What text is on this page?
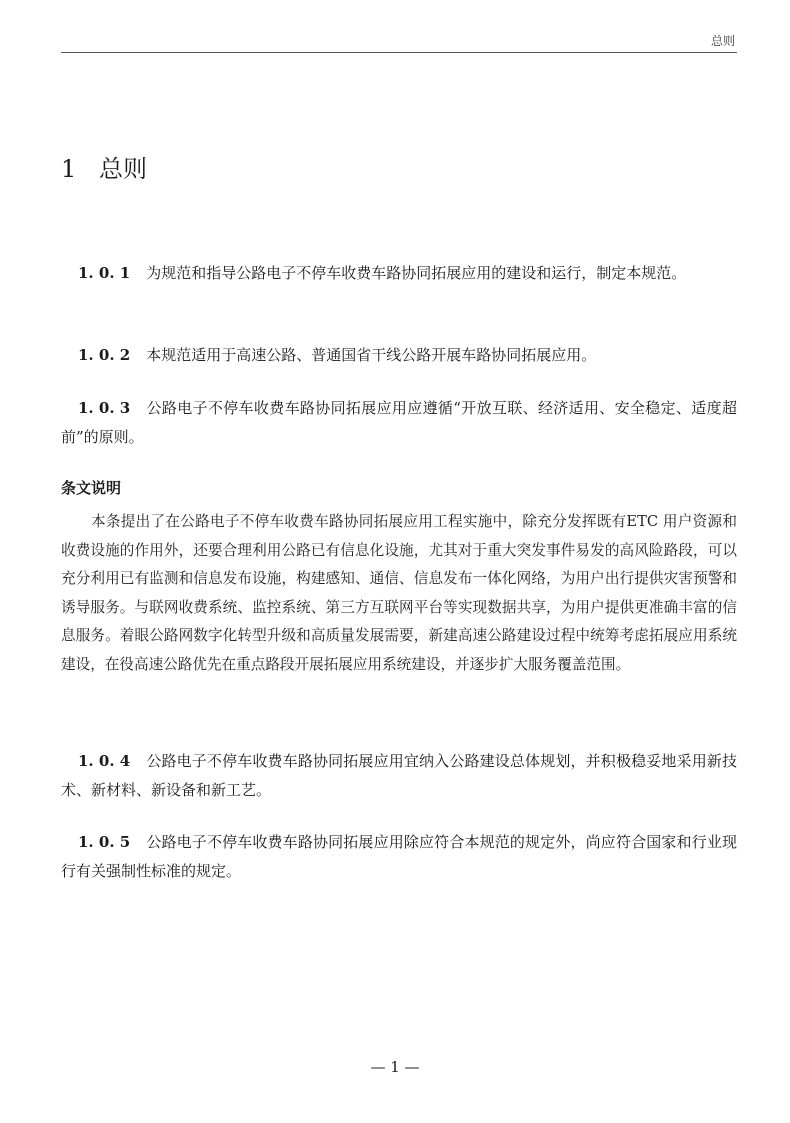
总则
1 总则

1. 0. 1 为规范和指导公路电子不停车收费车路协同拓展应用的建设和运行，制定本规范。

1. 0. 2 本规范适用于高速公路、普通国省干线公路开展车路协同拓展应用。

1. 0. 3 公路电子不停车收费车路协同拓展应用应遵循“开放互联、经济适用、安全稳定、适度超前”的原则。

条文说明

本条提出了在公路电子不停车收费车路协同拓展应用工程实施中，除充分发挥既有ETC 用户资源和收费设施的作用外，还要合理利用公路已有信息化设施，尤其对于重大突发事件易发的高风险路段，可以充分利用已有监测和信息发布设施，构建感知、通信、信息发布一体化网络，为用户出行提供灾害预警和诱导服务。与联网收费系统、监控系统、第三方互联网平台等实现数据共享，为用户提供更准确丰富的信息服务。着眼公路网数字化转型升级和高质量发展需要，新建高速公路建设过程中统筹考虑拓展应用系统建设，在役高速公路优先在重点路段开展拓展应用系统建设，并逐步扩大服务覆盖范围。

1. 0. 4 公路电子不停车收费车路协同拓展应用宜纳入公路建设总体规划，并积极稳妥地采用新技术、新材料、新设备和新工艺。

1. 0. 5 公路电子不停车收费车路协同拓展应用除应符合本规范的规定外，尚应符合国家和行业现行有关强制性标准的规定。

— 1 —
